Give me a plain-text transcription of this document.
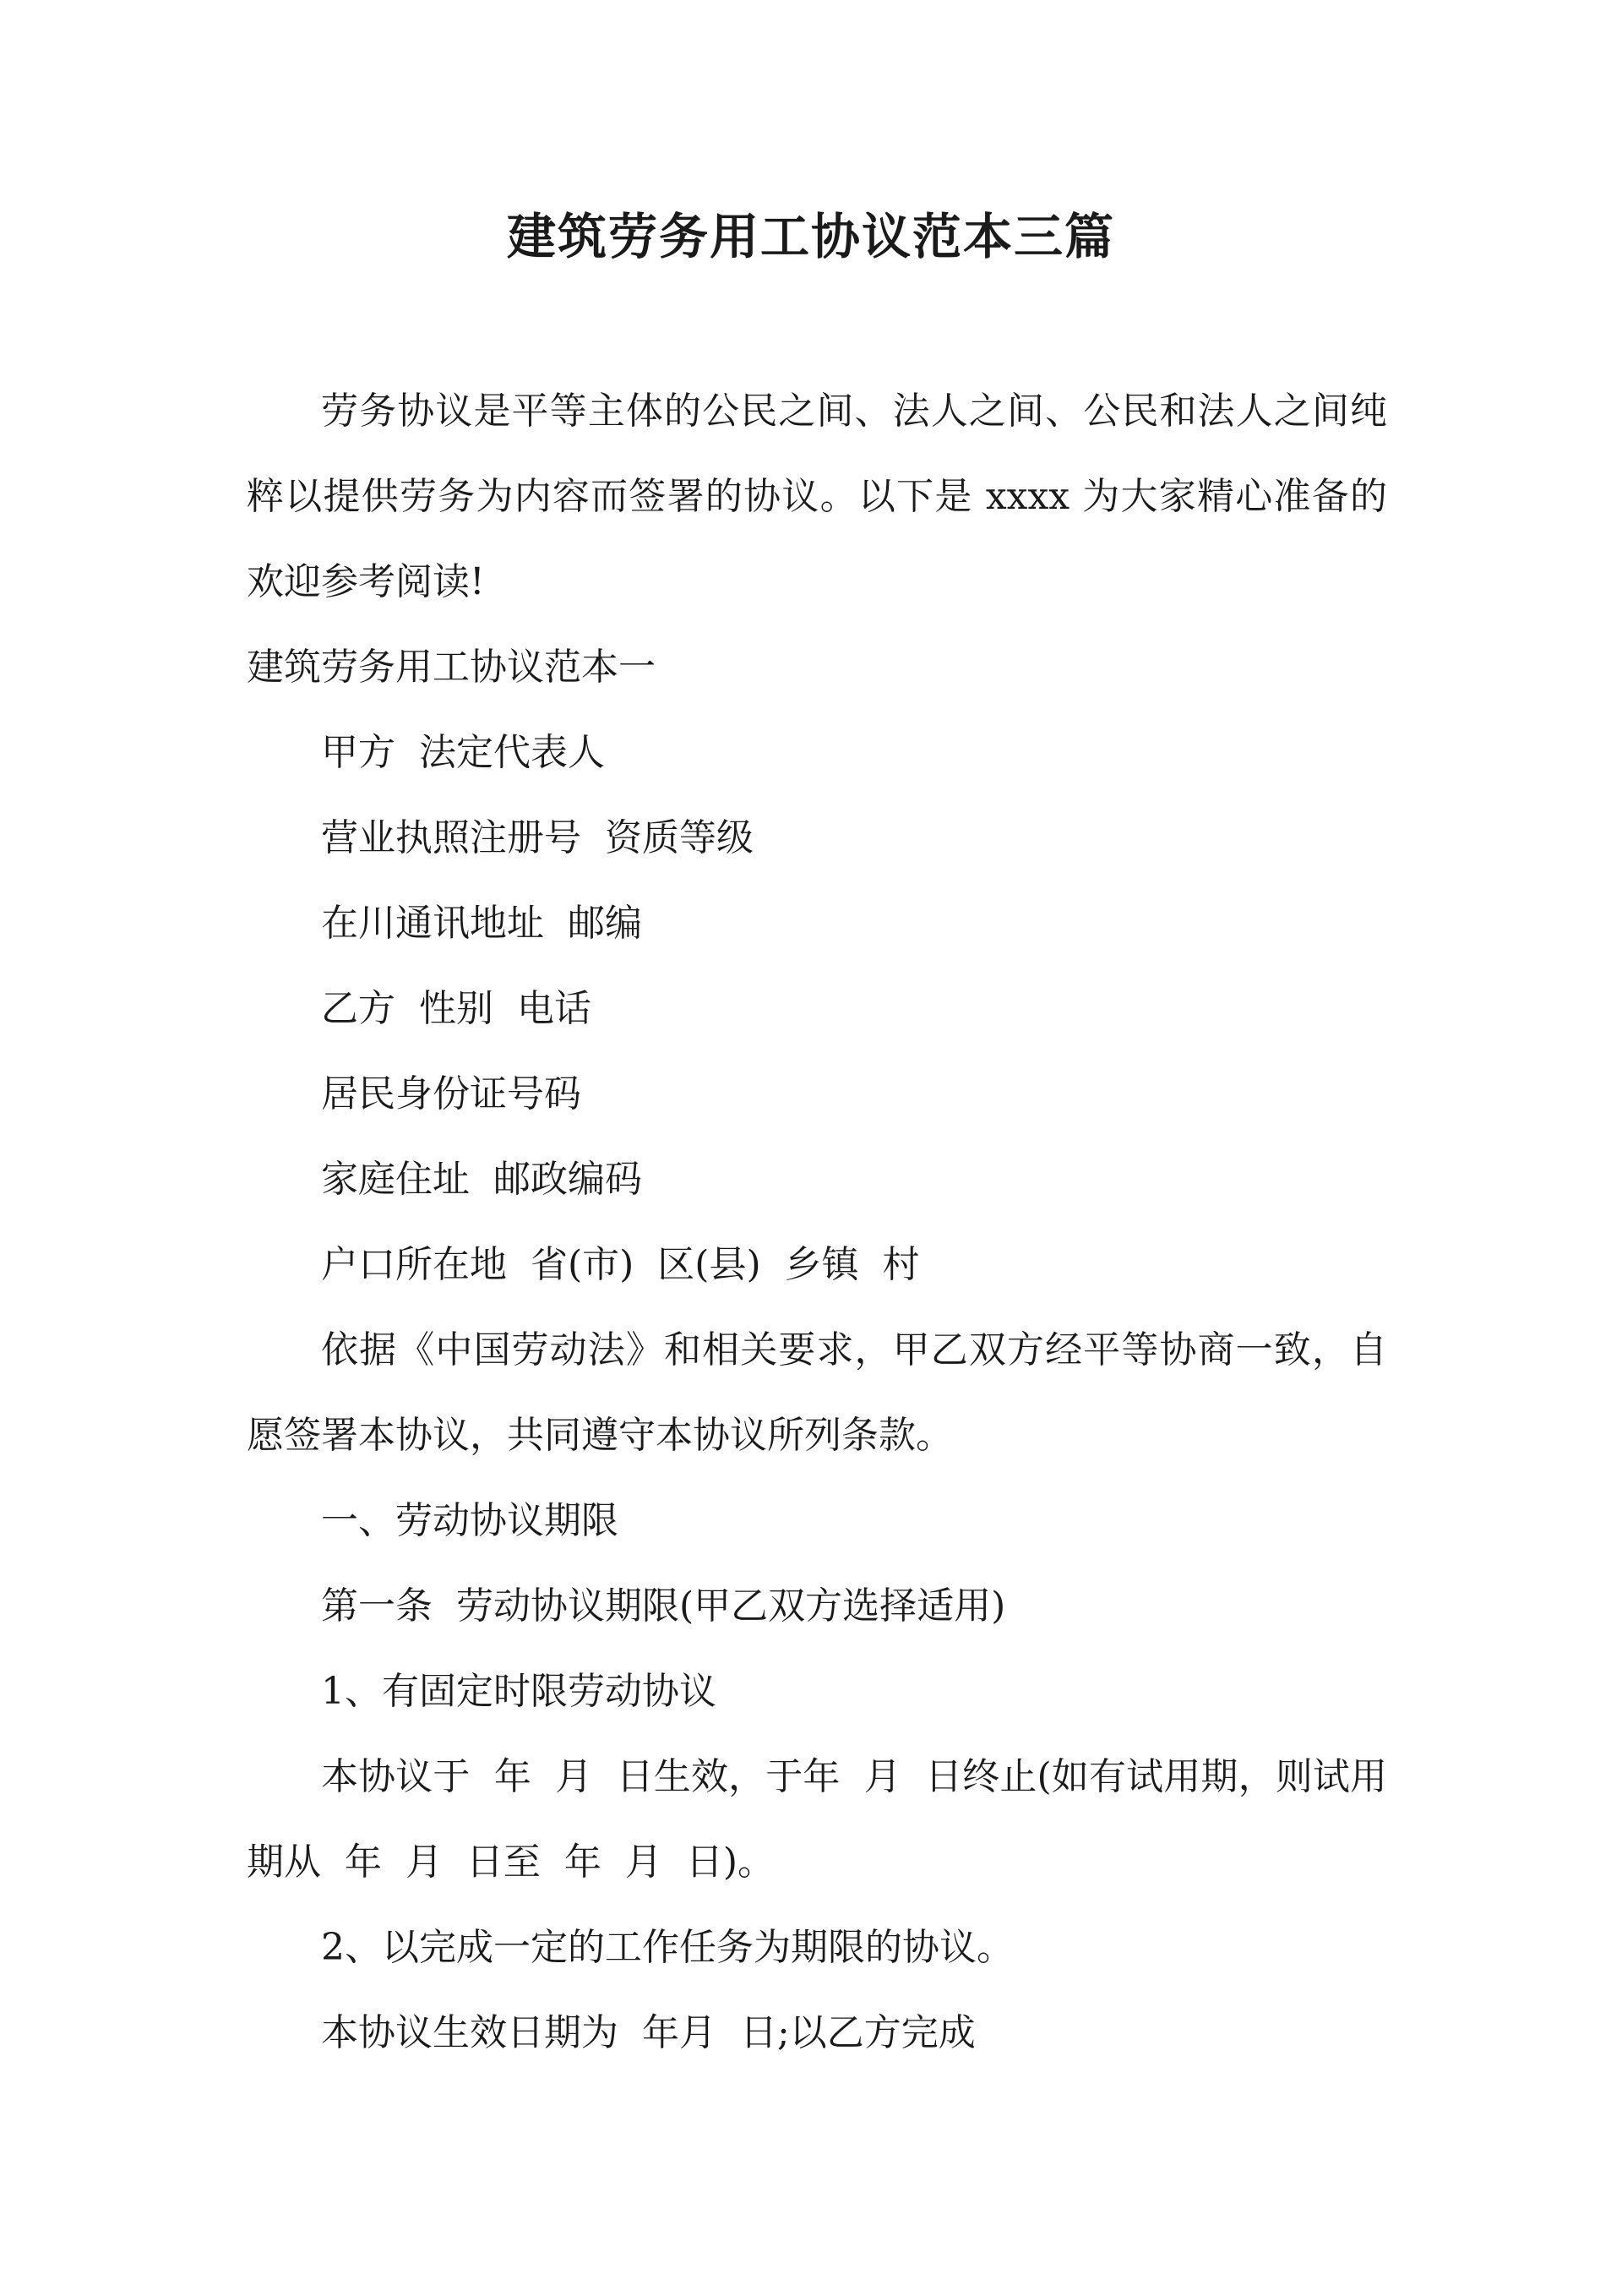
建筑劳务用工协议范本三篇

劳务协议是平等主体的公民之间、法人之间、公民和法人之间纯粹以提供劳务为内容而签署的协议。以下是 xxxx 为大家精心准备的欢迎参考阅读!

建筑劳务用工协议范本一

甲方  法定代表人

营业执照注册号  资质等级

在川通讯地址  邮编

乙方  性别  电话

居民身份证号码

家庭住址  邮政编码

户口所在地  省(市)  区(县)  乡镇  村

依据《中国劳动法》和相关要求，甲乙双方经平等协商一致，自愿签署本协议，共同遵守本协议所列条款。

一、劳动协议期限

第一条  劳动协议期限(甲乙双方选择适用)

1、有固定时限劳动协议

本协议于  年  月  日生效，于年  月  日终止(如有试用期，则试用期从  年  月  日至  年  月  日)。

2、以完成一定的工作任务为期限的协议。

本协议生效日期为  年月  日;以乙方完成
